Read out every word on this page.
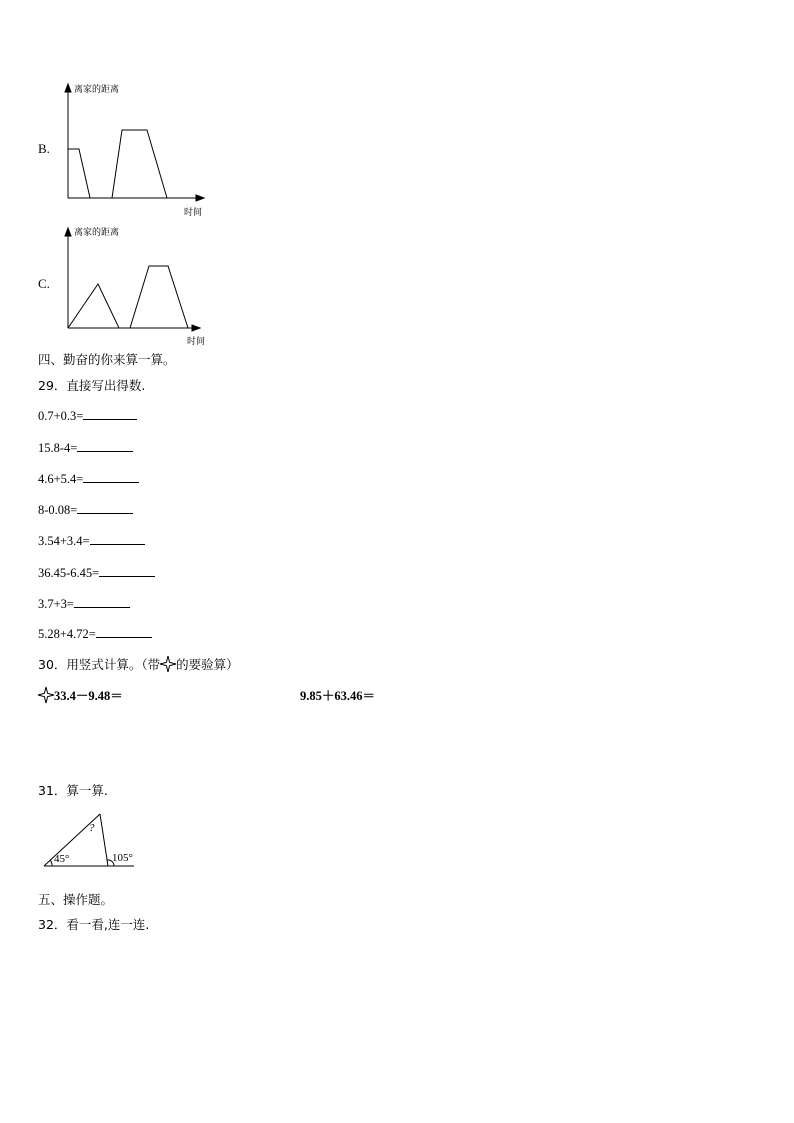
B.
离家的距离
时间
C.
离家的距离
时间
四、勤奋的你来算一算。
29．直接写出得数.
0.7+0.3=
15.8-4=
4.6+5.4=
8-0.08=
3.54+3.4=
36.45-6.45=
3.7+3=
5.28+4.72=
30．用竖式计算。（带 的要验算）
33.4－9.48＝	9.85＋63.46＝
31．算一算.
?
45°	105°
五、操作题。
32．看一看,连一连.
